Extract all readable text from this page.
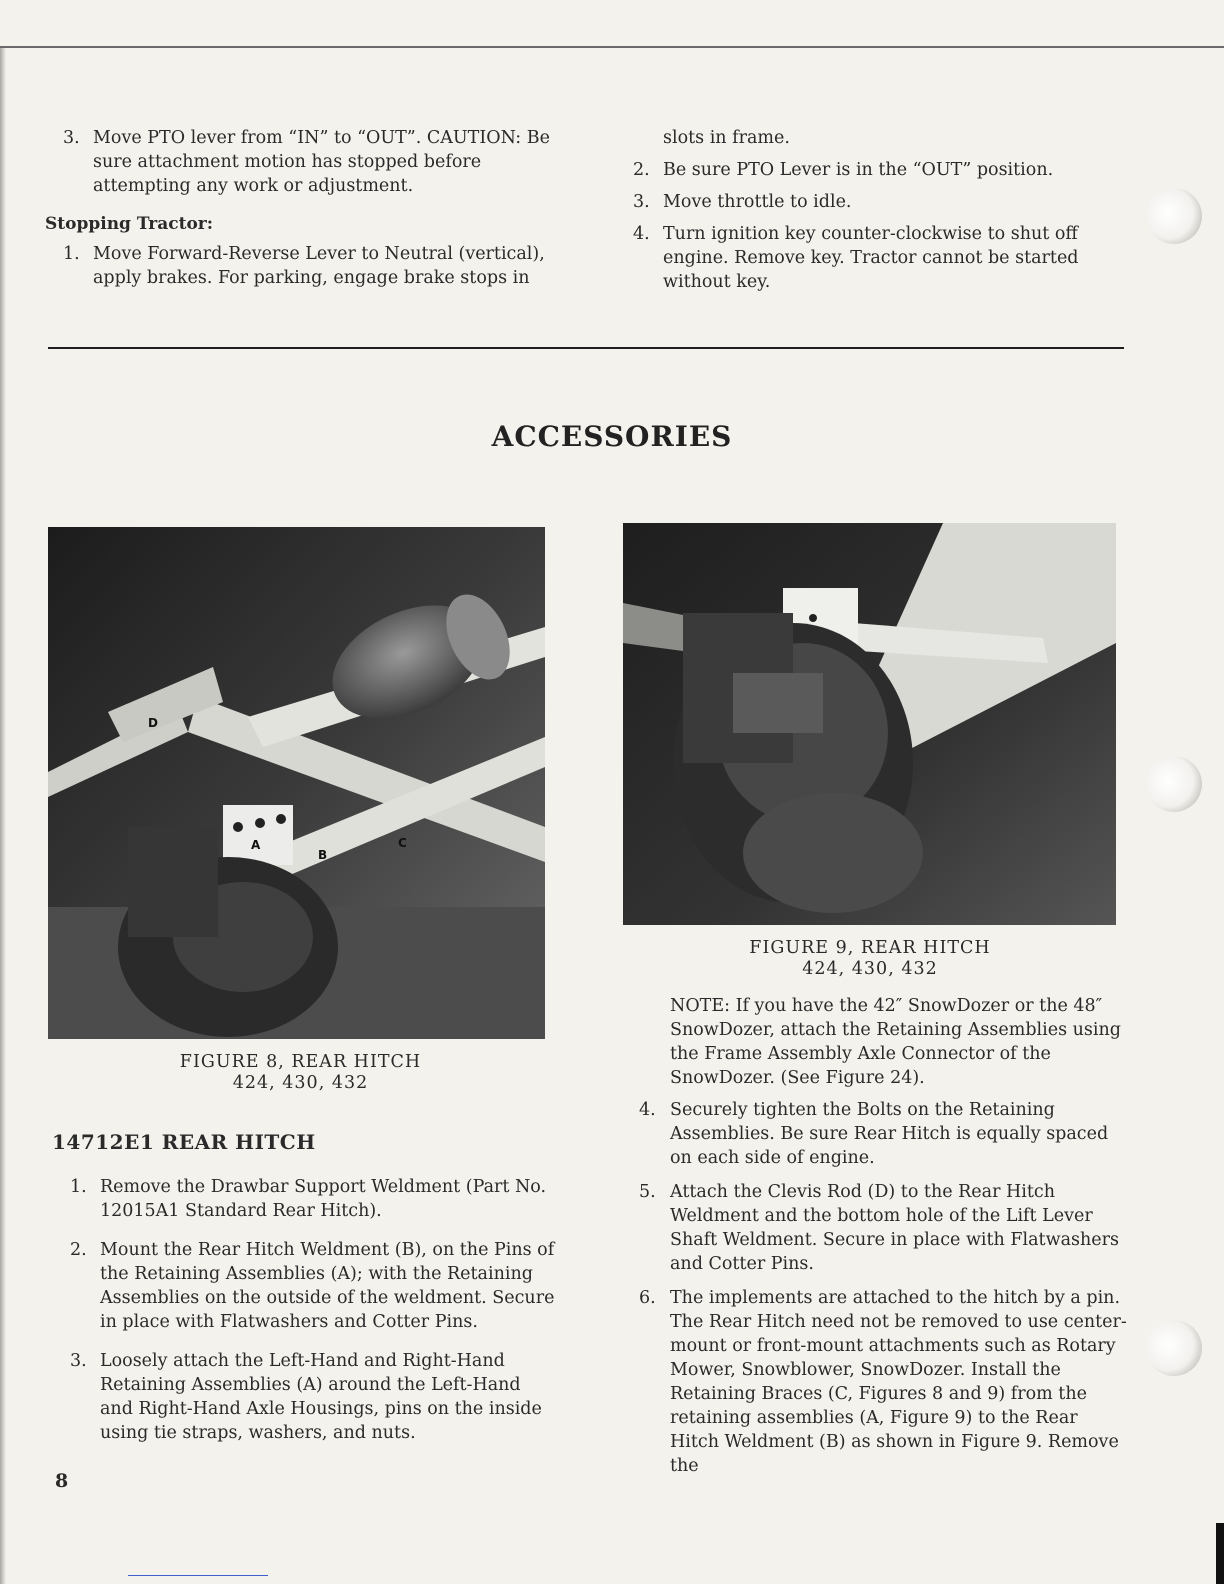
3. Move PTO lever from “IN” to “OUT”. CAUTION: Be sure attachment motion has stopped before attempting any work or adjustment.
Stopping Tractor:
1. Move Forward-Reverse Lever to Neutral (vertical), apply brakes. For parking, engage brake stops in
slots in frame.
2. Be sure PTO Lever is in the “OUT” position.
3. Move throttle to idle.
4. Turn ignition key counter-clockwise to shut off engine. Remove key. Tractor cannot be started without key.
ACCESSORIES
D
A
B
C
FIGURE 8, REAR HITCH
424, 430, 432
FIGURE 9, REAR HITCH
424, 430, 432
14712E1 REAR HITCH
1. Remove the Drawbar Support Weldment (Part No. 12015A1 Standard Rear Hitch).
2. Mount the Rear Hitch Weldment (B), on the Pins of the Retaining Assemblies (A); with the Retaining Assemblies on the outside of the weldment. Secure in place with Flatwashers and Cotter Pins.
3. Loosely attach the Left-Hand and Right-Hand Retaining Assemblies (A) around the Left-Hand and Right-Hand Axle Housings, pins on the inside using tie straps, washers, and nuts.
NOTE: If you have the 42″ SnowDozer or the 48″ SnowDozer, attach the Retaining Assemblies using the Frame Assembly Axle Connector of the SnowDozer. (See Figure 24).
4. Securely tighten the Bolts on the Retaining Assemblies. Be sure Rear Hitch is equally spaced on each side of engine.
5. Attach the Clevis Rod (D) to the Rear Hitch Weldment and the bottom hole of the Lift Lever Shaft Weldment. Secure in place with Flatwashers and Cotter Pins.
6. The implements are attached to the hitch by a pin. The Rear Hitch need not be removed to use center-mount or front-mount attachments such as Rotary Mower, Snowblower, SnowDozer. Install the Retaining Braces (C, Figures 8 and 9) from the retaining assemblies (A, Figure 9) to the Rear Hitch Weldment (B) as shown in Figure 9. Remove the
8
